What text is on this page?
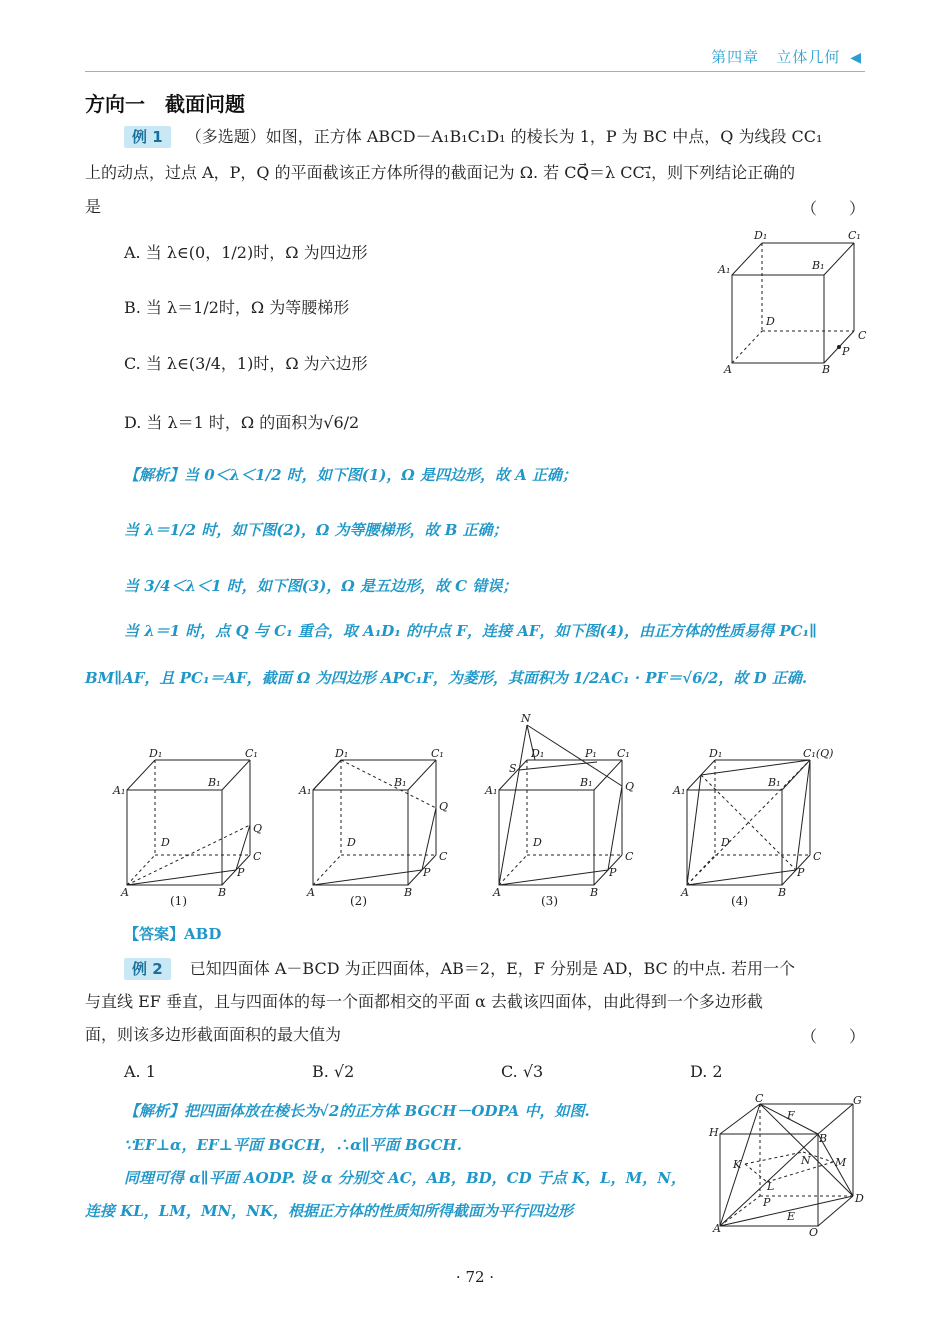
第四章 立体几何 ◀
方向一　截面问题
例 1 （多选题）如图，正方体 ABCD－A₁B₁C₁D₁ 的棱长为 1，P 为 BC 中点，Q 为线段 CC₁
上的动点，过点 A，P，Q 的平面截该正方体所得的截面记为 Ω. 若 CQ⃗＝λ CC₁⃗，则下列结论正确的
是	（　　）
A. 当 λ∈(0，1/2)时，Ω 为四边形
B. 当 λ＝1/2时，Ω 为等腰梯形
C. 当 λ∈(3/4，1)时，Ω 为六边形
D. 当 λ＝1 时，Ω 的面积为√6/2
D₁	C₁
A₁	B₁
D
C
P
A	B
【解析】当 0＜λ＜1/2 时，如下图(1)，Ω 是四边形，故 A 正确；
当 λ＝1/2 时，如下图(2)，Ω 为等腰梯形，故 B 正确；
当 3/4＜λ＜1 时，如下图(3)，Ω 是五边形，故 C 错误；
当 λ＝1 时，点 Q 与 C₁ 重合，取 A₁D₁ 的中点 F，连接 AF，如下图(4)，由正方体的性质易得 PC₁∥
BM∥AF，且 PC₁＝AF，截面 Ω 为四边形 APC₁F，为菱形，其面积为 1/2AC₁ · PF＝√6/2，故 D 正确.
D₁	C₁
A₁
B₁
D
C
Q
P
A	B
D₁	C₁
A₁
B₁
D
C
Q
P
A	B
N
D₁	P₁ C₁
S
A₁
B₁
D
C
Q
P
A	B
D₁	C₁(Q)
A₁
B₁
D
C
P
A	B
(1)	(2)	(3)	(4)
【答案】ABD
例 2 已知四面体 A－BCD 为正四面体，AB＝2，E，F 分别是 AD，BC 的中点. 若用一个
与直线 EF 垂直，且与四面体的每一个面都相交的平面 α 去截该四面体，由此得到一个多边形截
面，则该多边形截面面积的最大值为	（　　）
A. 1	B. √2	C. √3	D. 2
【解析】把四面体放在棱长为√2的正方体 BGCH－ODPA 中，如图.
∵EF⊥α，EF⊥平面 BGCH，∴α∥平面 BGCH.
同理可得 α∥平面 AODP. 设 α 分别交 AC，AB，BD，CD 于点 K，L，M，N，
连接 KL，LM，MN，NK，根据正方体的性质知所得截面为平行四边形
C	G
F
H	B
N M
K
L
P	D
E
A	O
· 72 ·
